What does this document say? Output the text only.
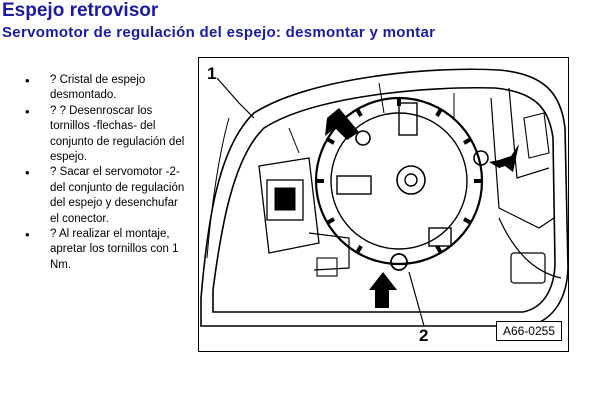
Espejo retrovisor
Servomotor de regulación del espejo: desmontar y montar
• ? Cristal de espejo desmontado.
• ? ? Desenroscar los tornillos -flechas- del conjunto de regulación del espejo.
• ? Sacar el servomotor -2- del conjunto de regulación del espejo y desenchufar el conector.
• ? Al realizar el montaje, apretar los tornillos con 1 Nm.
1
2	A66-0255
